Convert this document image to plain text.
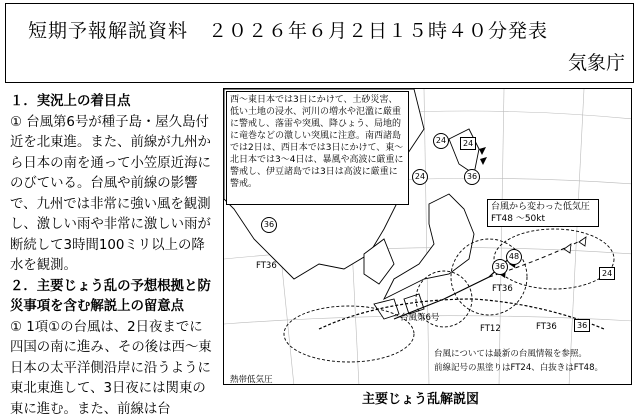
短期予報解説資料　２０２６年６月２日１５時４０分発表
気象庁

１．実況上の着目点

① 台風第6号が種子島・屋久島付近を北東進。また、前線が九州から日本の南を通って小笠原近海にのびている。台風や前線の影響で、九州では非常に強い風を観測し、激しい雨や非常に激しい雨が断続して3時間100ミリ以上の降水を観測。

２．主要じょう乱の予想根拠と防災事項を含む解説上の留意点

① 1項①の台風は、2日夜までに四国の南に進み、その後は西～東日本の太平洋側沿岸に沿うように東北東進して、3日夜には関東の東に進む。また、前線は台

西～東日本では3日にかけて、土砂災害、低い土地の浸水、河川の増水や氾濫に厳重に警戒し、落雷や突風、降ひょう、局地的に竜巻などの激しい突風に注意。南西諸島では2日は、西日本では3日にかけて、東～北日本では3～4日は、暴風や高波に厳重に警戒し、伊豆諸島では3日は高波に厳重に警戒。
台風から変わった低気圧
FT48 〜50kt
24
24
36
36
36
48
24
24
36
FT36
FT36
FT12	FT36
台風第6号
熱帯低気圧
台風については最新の台風情報を参照。
前線記号の黒塗りはFT24、白抜きはFT48。
主要じょう乱解説図
